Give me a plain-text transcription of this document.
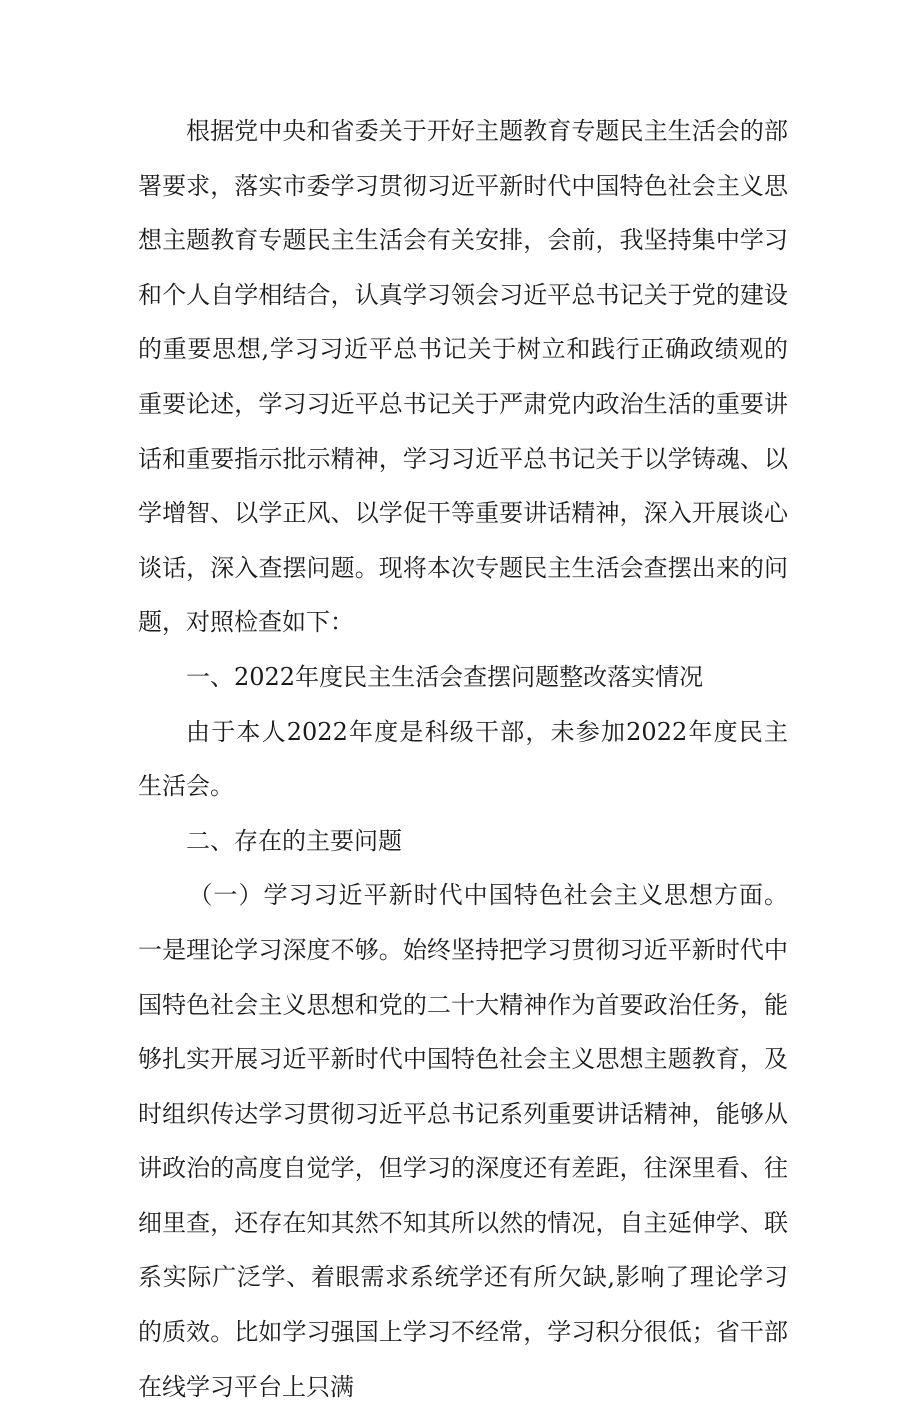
根据党中央和省委关于开好主题教育专题民主生活会的部署要求，落实市委学习贯彻习近平新时代中国特色社会主义思想主题教育专题民主生活会有关安排，会前，我坚持集中学习和个人自学相结合，认真学习领会习近平总书记关于党的建设的重要思想,学习习近平总书记关于树立和践行正确政绩观的重要论述，学习习近平总书记关于严肃党内政治生活的重要讲话和重要指示批示精神，学习习近平总书记关于以学铸魂、以学增智、以学正风、以学促干等重要讲话精神，深入开展谈心谈话，深入查摆问题。现将本次专题民主生活会查摆出来的问题，对照检查如下：

一、2022年度民主生活会查摆问题整改落实情况

由于本人2022年度是科级干部，未参加2022年度民主生活会。

二、存在的主要问题

（一）学习习近平新时代中国特色社会主义思想方面。一是理论学习深度不够。始终坚持把学习贯彻习近平新时代中国特色社会主义思想和党的二十大精神作为首要政治任务，能够扎实开展习近平新时代中国特色社会主义思想主题教育，及时组织传达学习贯彻习近平总书记系列重要讲话精神，能够从讲政治的高度自觉学，但学习的深度还有差距，往深里看、往细里查，还存在知其然不知其所以然的情况，自主延伸学、联系实际广泛学、着眼需求系统学还有所欠缺,影响了理论学习的质效。比如学习强国上学习不经常，学习积分很低；省干部在线学习平台上只满
